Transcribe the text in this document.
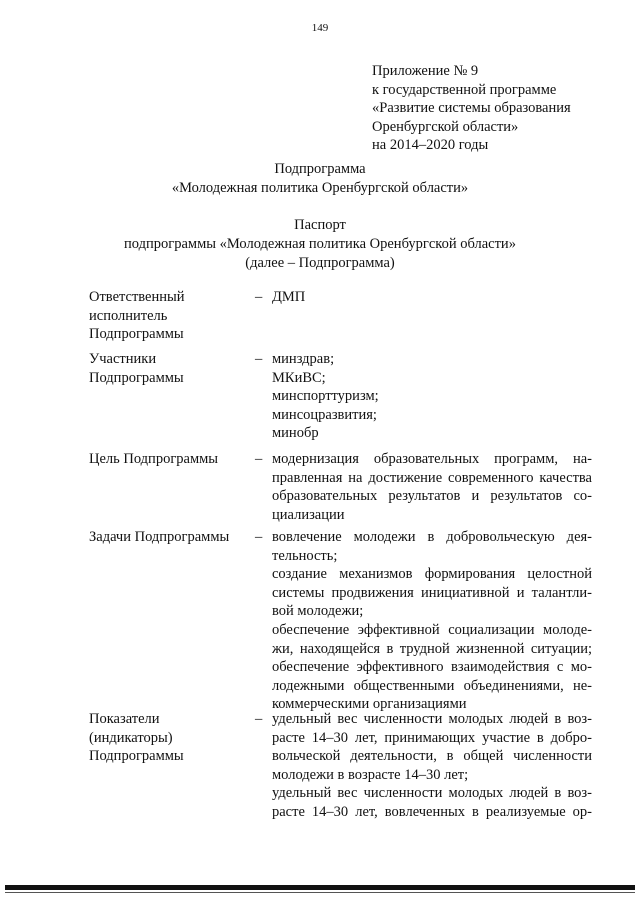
149
Приложение № 9
к государственной программе
«Развитие системы образования
Оренбургской области»
на 2014–2020 годы
Подпрограмма
«Молодежная политика Оренбургской области»
Паспорт
подпрограммы «Молодежная политика Оренбургской области»
(далее – Подпрограмма)
Ответственный
исполнитель
Подпрограммы
– ДМП
Участники
Подпрограммы
– минздрав;
МКиВС;
минспорттуризм;
минсоцразвития;
минобр
Цель Подпрограммы	– модернизация образовательных программ, на-
правленная на достижение современного качества
образовательных результатов и результатов со-
циализации
Задачи Подпрограммы	– вовлечение молодежи в добровольческую дея-
тельность;
создание механизмов формирования целостной
системы продвижения инициативной и талантли-
вой молодежи;
обеспечение эффективной социализации молоде-
жи, находящейся в трудной жизненной ситуации;
обеспечение эффективного взаимодействия с мо-
лодежными общественными объединениями, не-
коммерческими организациями
Показатели
(индикаторы)
Подпрограммы
– удельный вес численности молодых людей в воз-
расте 14–30 лет, принимающих участие в добро-
вольческой деятельности, в общей численности
молодежи в возрасте 14–30 лет;
удельный вес численности молодых людей в воз-
расте 14–30 лет, вовлеченных в реализуемые ор-
